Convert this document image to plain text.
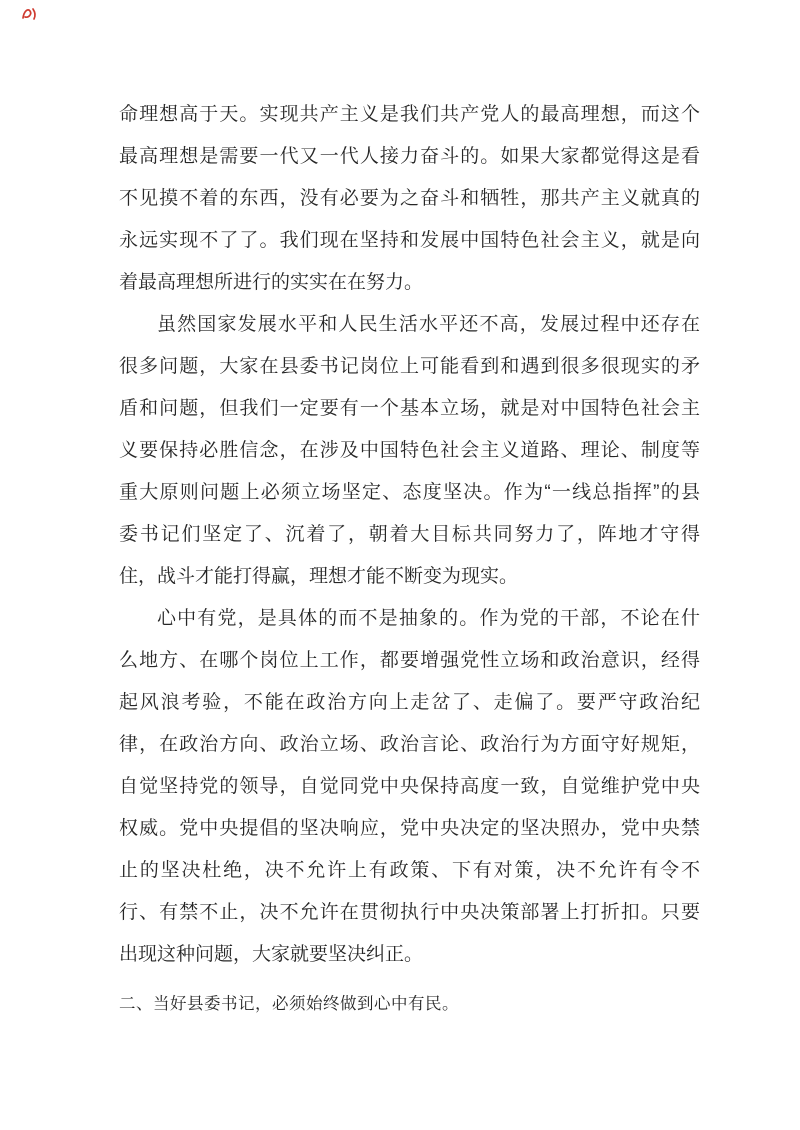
命理想高于天。实现共产主义是我们共产党人的最高理想，而这个
最高理想是需要一代又一代人接力奋斗的。如果大家都觉得这是看
不见摸不着的东西，没有必要为之奋斗和牺牲，那共产主义就真的
永远实现不了了。我们现在坚持和发展中国特色社会主义，就是向
着最高理想所进行的实实在在努力。
虽然国家发展水平和人民生活水平还不高，发展过程中还存在
很多问题，大家在县委书记岗位上可能看到和遇到很多很现实的矛
盾和问题，但我们一定要有一个基本立场，就是对中国特色社会主
义要保持必胜信念，在涉及中国特色社会主义道路、理论、制度等
重大原则问题上必须立场坚定、态度坚决。作为“一线总指挥”的县
委书记们坚定了、沉着了，朝着大目标共同努力了，阵地才守得
住，战斗才能打得赢，理想才能不断变为现实。
心中有党，是具体的而不是抽象的。作为党的干部，不论在什
么地方、在哪个岗位上工作，都要增强党性立场和政治意识，经得
起风浪考验，不能在政治方向上走岔了、走偏了。要严守政治纪
律，在政治方向、政治立场、政治言论、政治行为方面守好规矩，
自觉坚持党的领导，自觉同党中央保持高度一致，自觉维护党中央
权威。党中央提倡的坚决响应，党中央决定的坚决照办，党中央禁
止的坚决杜绝，决不允许上有政策、下有对策，决不允许有令不
行、有禁不止，决不允许在贯彻执行中央决策部署上打折扣。只要
出现这种问题，大家就要坚决纠正。
二、当好县委书记，必须始终做到心中有民。
